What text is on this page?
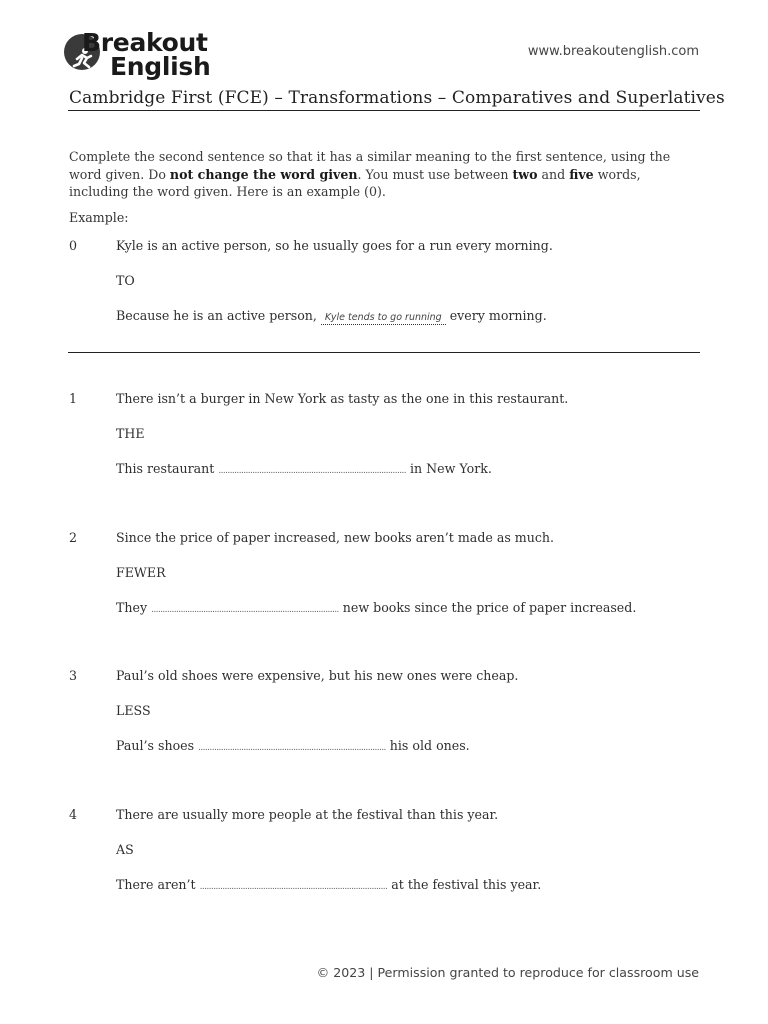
Breakout
English
www.breakoutenglish.com
Cambridge First (FCE) – Transformations – Comparatives and Superlatives
Complete the second sentence so that it has a similar meaning to the first sentence, using the word given. Do not change the word given. You must use between two and five words, including the word given. Here is an example (0).
Example:
0	Kyle is an active person, so he usually goes for a run every morning.
TO
Because he is an active person, Kyle tends to go running every morning.
1	There isn’t a burger in New York as tasty as the one in this restaurant.
THE
This restaurant ................................................................................... in New York.
2	Since the price of paper increased, new books aren’t made as much.
FEWER
They ................................................................................... new books since the price of paper increased.
3	Paul’s old shoes were expensive, but his new ones were cheap.
LESS
Paul’s shoes ................................................................................... his old ones.
4	There are usually more people at the festival than this year.
AS
There aren’t ................................................................................... at the festival this year.
© 2023 | Permission granted to reproduce for classroom use
